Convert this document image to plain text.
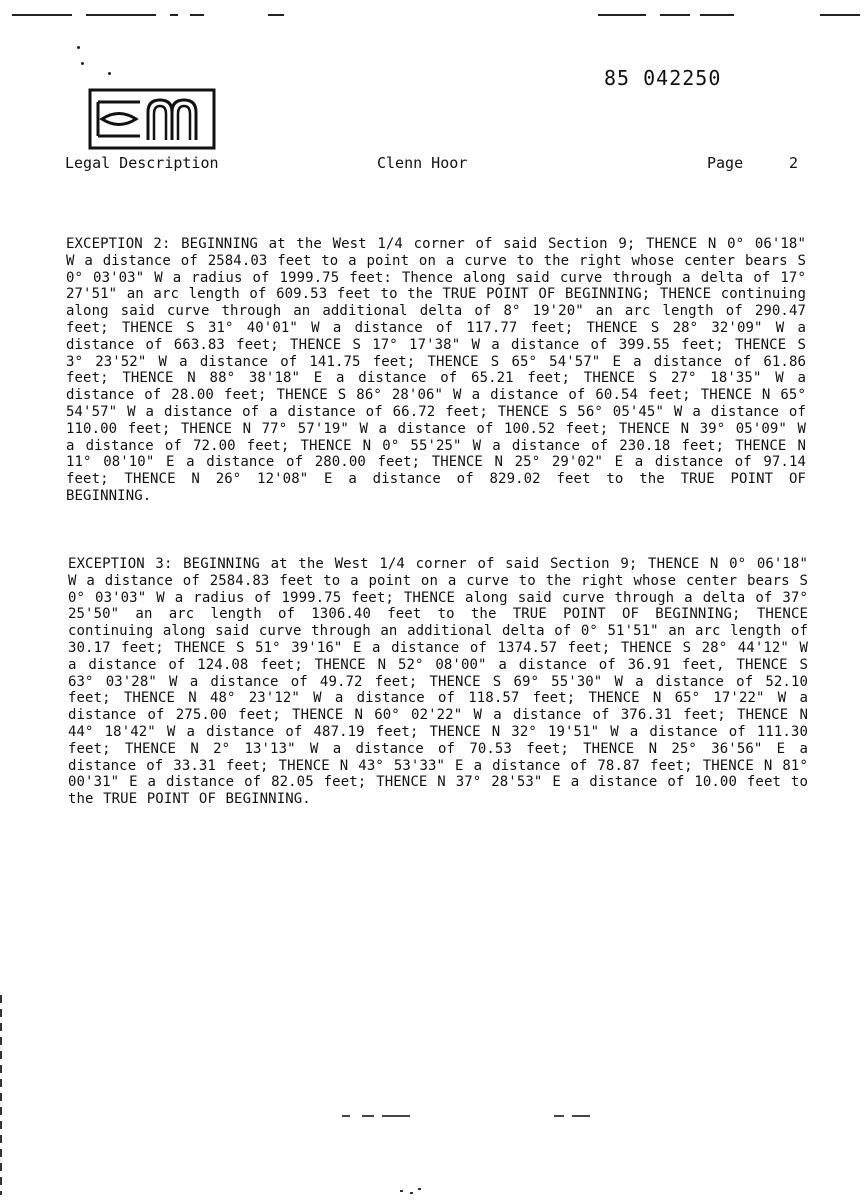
85 042250
Legal Description	Clenn Hoor	Page	2
EXCEPTION 2: BEGINNING at the West 1/4 corner of said Section 9; THENCE N 0° 06'18" W a distance of 2584.03 feet to a point on a curve to the right whose center bears S 0° 03'03" W a radius of 1999.75 feet: Thence along said curve through a delta of 17° 27'51" an arc length of 609.53 feet to the TRUE POINT OF BEGINNING; THENCE continuing along said curve through an additional delta of 8° 19'20" an arc length of 290.47 feet; THENCE S 31° 40'01" W a distance of 117.77 feet; THENCE S 28° 32'09" W a distance of 663.83 feet; THENCE S 17° 17'38" W a distance of 399.55 feet; THENCE S 3° 23'52" W a distance of 141.75 feet; THENCE S 65° 54'57" E a distance of 61.86 feet; THENCE N 88° 38'18" E a distance of 65.21 feet; THENCE S 27° 18'35" W a distance of 28.00 feet; THENCE S 86° 28'06" W a distance of 60.54 feet; THENCE N 65° 54'57" W a distance of a distance of 66.72 feet; THENCE S 56° 05'45" W a distance of 110.00 feet; THENCE N 77° 57'19" W a distance of 100.52 feet; THENCE N 39° 05'09" W a distance of 72.00 feet; THENCE N 0° 55'25" W a distance of 230.18 feet; THENCE N 11° 08'10" E a distance of 280.00 feet; THENCE N 25° 29'02" E a distance of 97.14 feet; THENCE N 26° 12'08" E a distance of 829.02 feet to the TRUE POINT OF BEGINNING.
EXCEPTION 3: BEGINNING at the West 1/4 corner of said Section 9; THENCE N 0° 06'18" W a distance of 2584.83 feet to a point on a curve to the right whose center bears S 0° 03'03" W a radius of 1999.75 feet; THENCE along said curve through a delta of 37° 25'50" an arc length of 1306.40 feet to the TRUE POINT OF BEGINNING; THENCE continuing along said curve through an additional delta of 0° 51'51" an arc length of 30.17 feet; THENCE S 51° 39'16" E a distance of 1374.57 feet; THENCE S 28° 44'12" W a distance of 124.08 feet; THENCE N 52° 08'00" a distance of 36.91 feet, THENCE S 63° 03'28" W a distance of 49.72 feet; THENCE S 69° 55'30" W a distance of 52.10 feet; THENCE N 48° 23'12" W a distance of 118.57 feet; THENCE N 65° 17'22" W a distance of 275.00 feet; THENCE N 60° 02'22" W a distance of 376.31 feet; THENCE N 44° 18'42" W a distance of 487.19 feet; THENCE N 32° 19'51" W a distance of 111.30 feet; THENCE N 2° 13'13" W a distance of 70.53 feet; THENCE N 25° 36'56" E a distance of 33.31 feet; THENCE N 43° 53'33" E a distance of 78.87 feet; THENCE N 81° 00'31" E a distance of 82.05 feet; THENCE N 37° 28'53" E a distance of 10.00 feet to the TRUE POINT OF BEGINNING.
